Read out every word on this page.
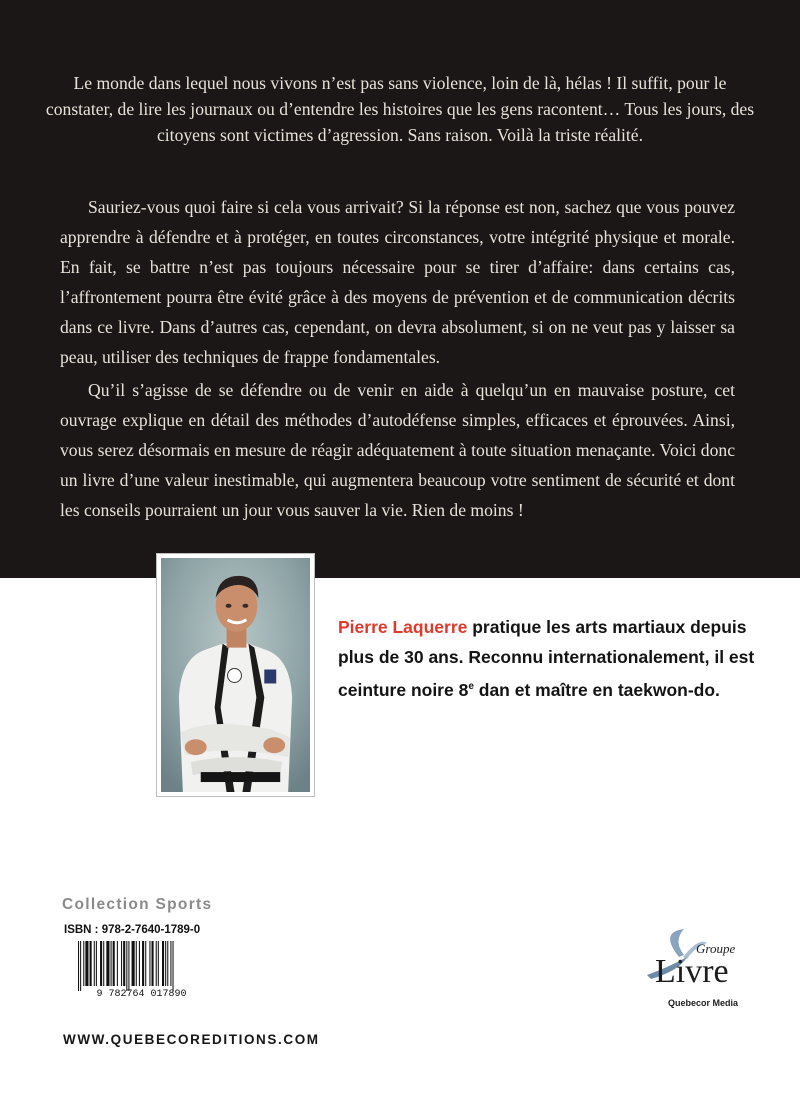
Le monde dans lequel nous vivons n’est pas sans violence, loin de là, hélas ! Il suffit, pour le constater, de lire les journaux ou d’entendre les histoires que les gens racontent… Tous les jours, des citoyens sont victimes d’agression. Sans raison. Voilà la triste réalité.

Sauriez-vous quoi faire si cela vous arrivait? Si la réponse est non, sachez que vous pouvez apprendre à défendre et à protéger, en toutes circonstances, votre intégrité physique et morale. En fait, se battre n’est pas toujours nécessaire pour se tirer d’affaire: dans certains cas, l’affrontement pourra être évité grâce à des moyens de prévention et de communication décrits dans ce livre. Dans d’autres cas, cependant, on devra absolument, si on ne veut pas y laisser sa peau, utiliser des techniques de frappe fondamentales.

Qu’il s’agisse de se défendre ou de venir en aide à quelqu’un en mauvaise posture, cet ouvrage explique en détail des méthodes d’autodéfense simples, efficaces et éprouvées. Ainsi, vous serez désormais en mesure de réagir adéquatement à toute situation menaçante. Voici donc un livre d’une valeur inestimable, qui augmentera beaucoup votre sentiment de sécurité et dont les conseils pourraient un jour vous sauver la vie. Rien de moins !

Pierre Laquerre pratique les arts martiaux depuis plus de 30 ans. Reconnu internationalement, il est ceinture noire 8e dan et maître en taekwon-do.

Collection Sports
ISBN : 978-2-7640-1789-0
9 782764 017890
WWW.QUEBECOREDITIONS.COM
Groupe
Livre
Quebecor Media
